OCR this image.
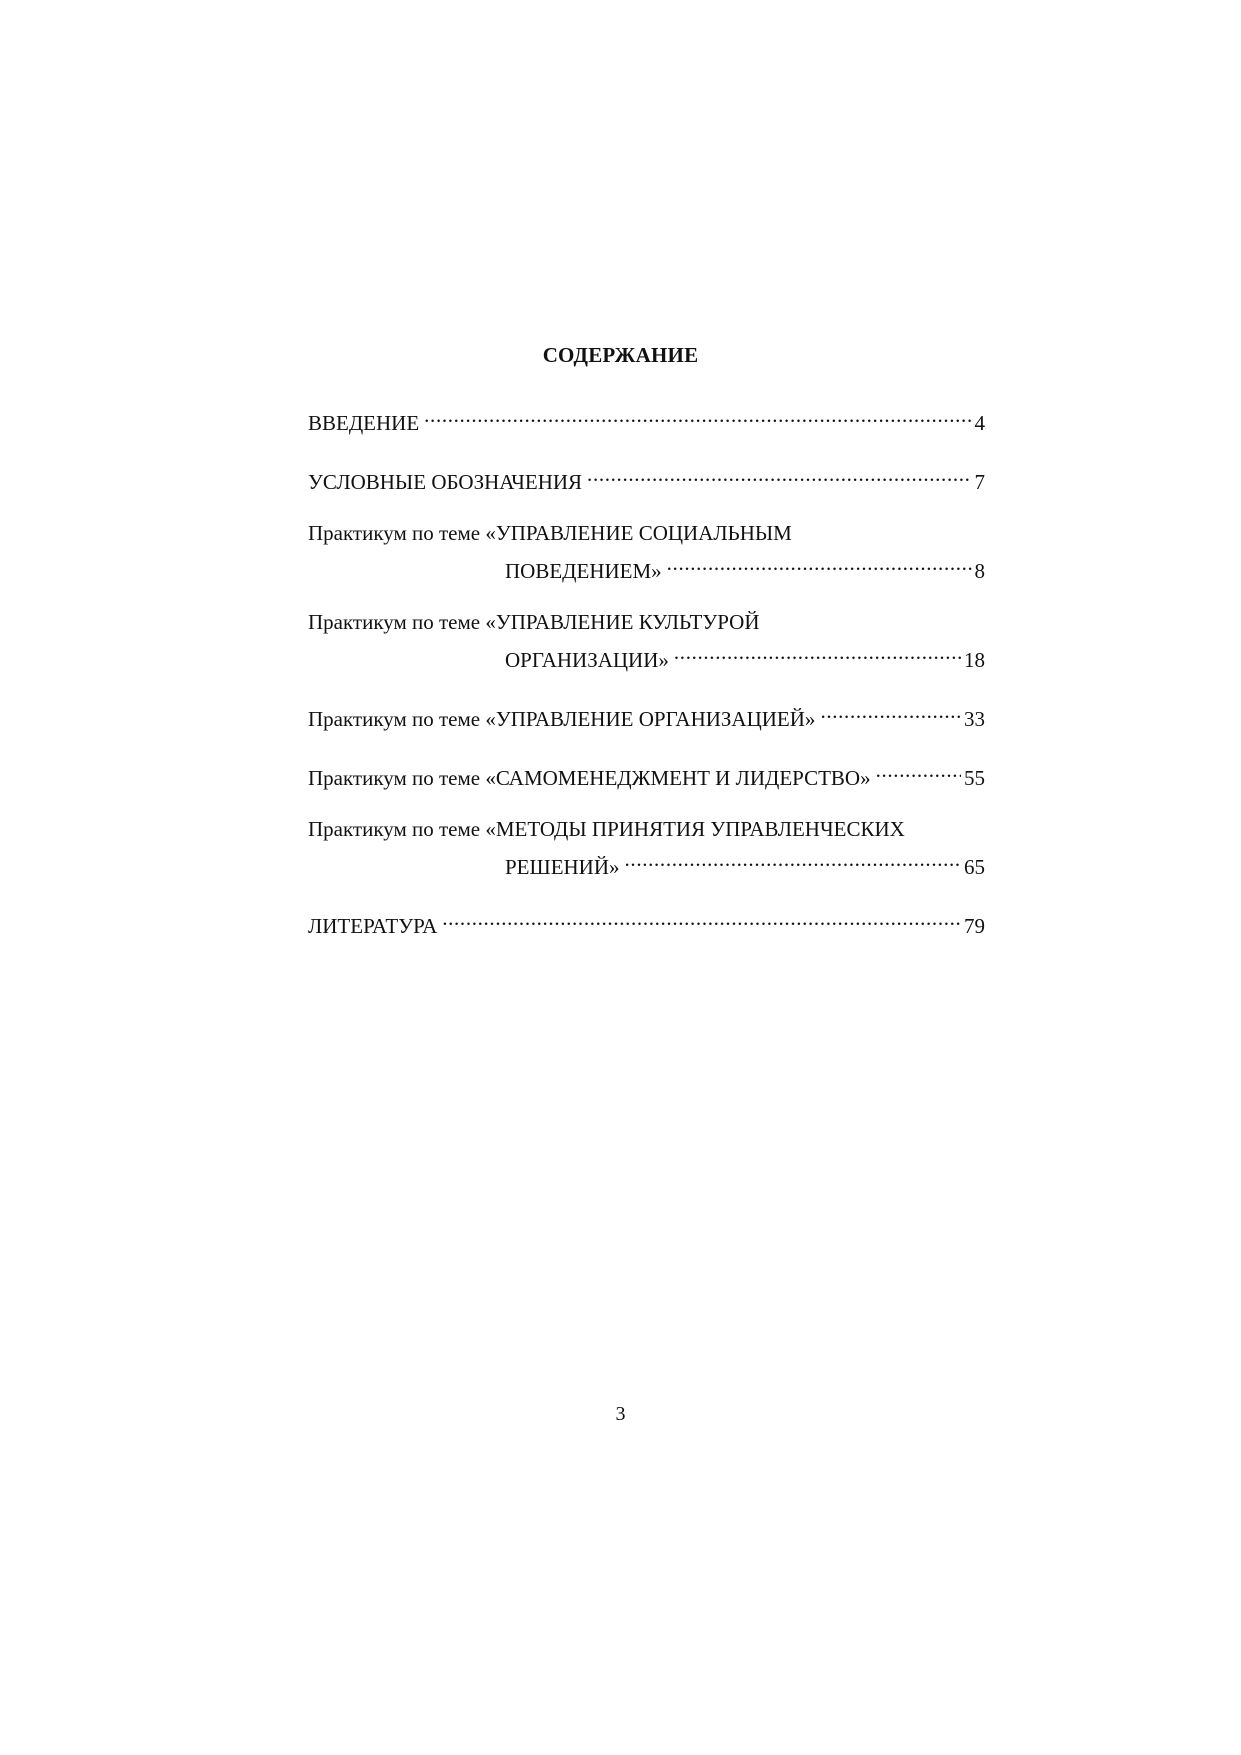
СОДЕРЖАНИЕ
ВВЕДЕНИЕ . . .	4
УСЛОВНЫЕ ОБОЗНАЧЕНИЯ . . .	7
Практикум по теме «УПРАВЛЕНИЕ СОЦИАЛЬНЫМ
ПОВЕДЕНИЕМ» . . .	8
Практикум по теме «УПРАВЛЕНИЕ КУЛЬТУРОЙ
ОРГАНИЗАЦИИ» . . .	18
Практикум по теме «УПРАВЛЕНИЕ ОРГАНИЗАЦИЕЙ» . . .	33
Практикум по теме «САМОМЕНЕДЖМЕНТ И ЛИДЕРСТВО» . . .	55
Практикум по теме «МЕТОДЫ ПРИНЯТИЯ УПРАВЛЕНЧЕСКИХ
РЕШЕНИЙ» . . .	65
ЛИТЕРАТУРА . . .	79

3
